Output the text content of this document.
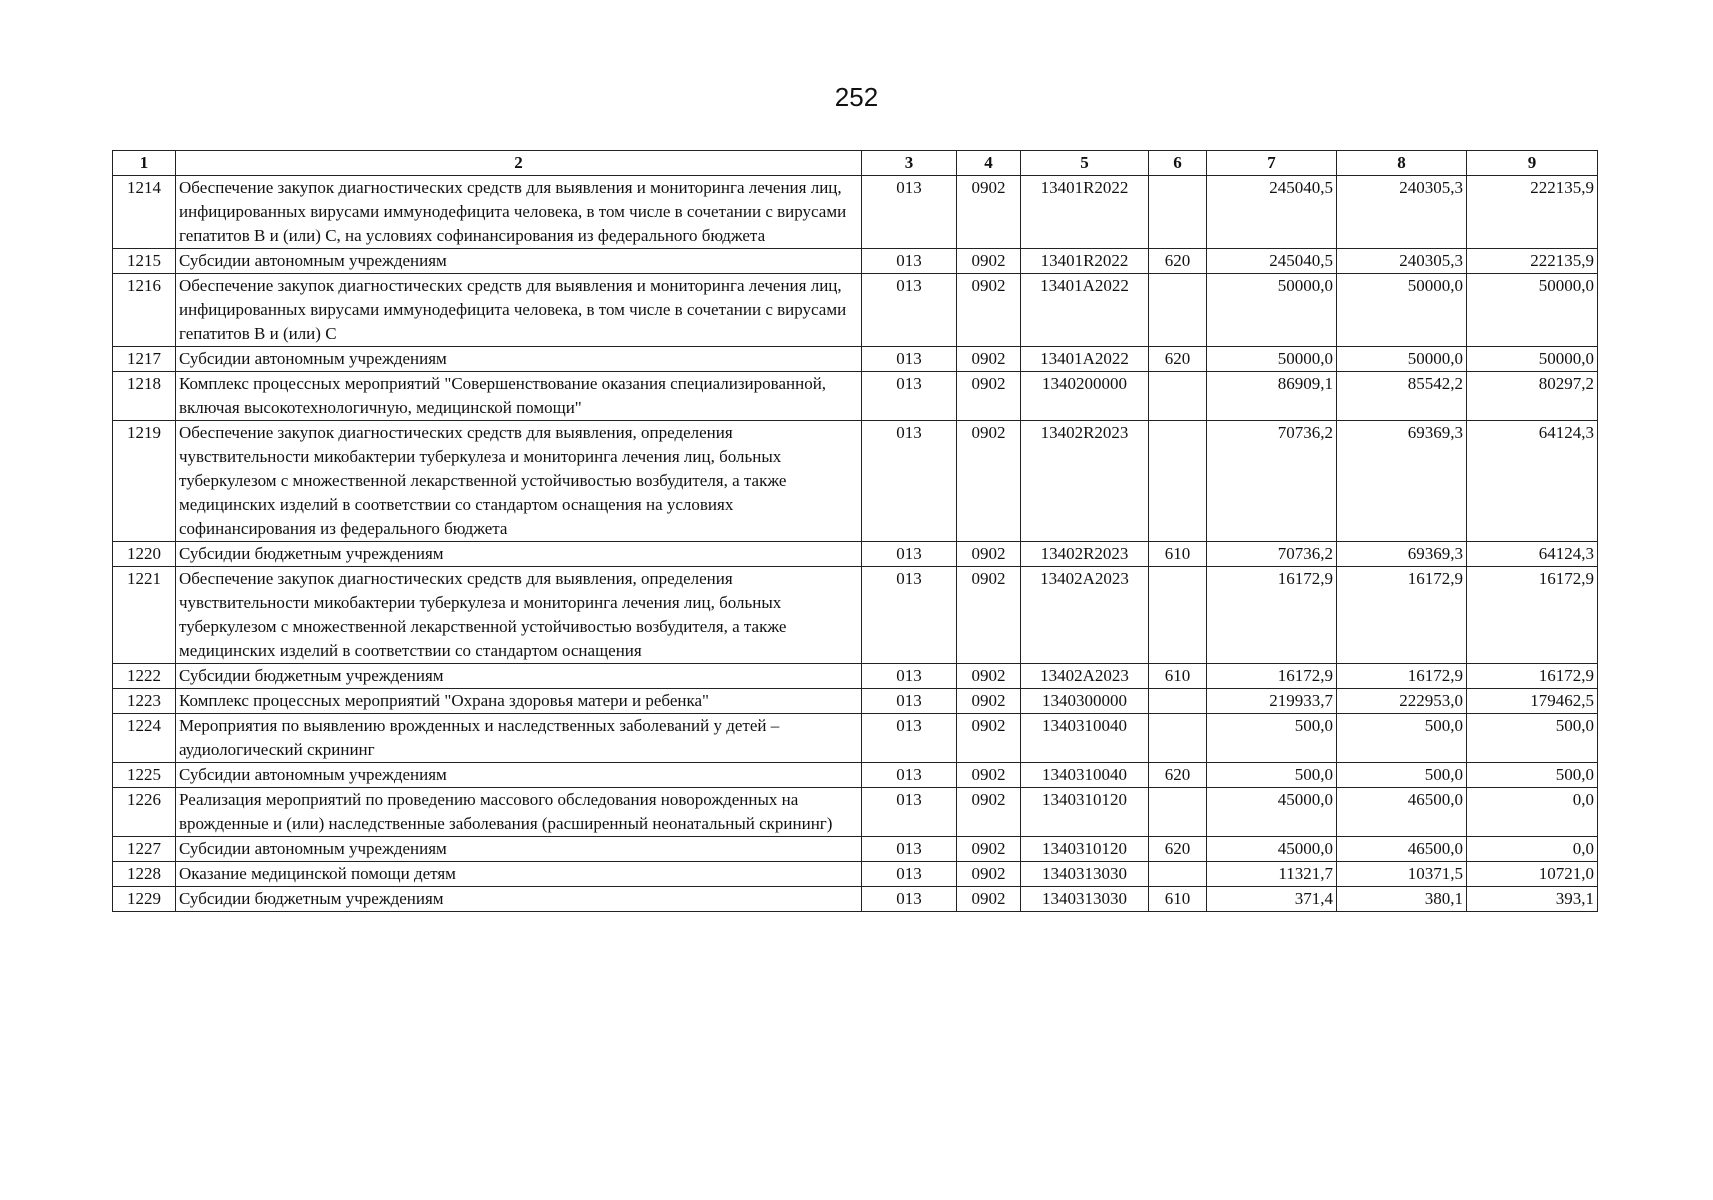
252
1	2	3	4	5	6	7	8	9
1214	Обеспечение закупок диагностических средств для выявления и мониторинга лечения лиц, инфицированных вирусами иммунодефицита человека, в том числе в сочетании с вирусами гепатитов B и (или) C, на условиях софинансирования из федерального бюджета	013	0902	13401R2022		245040,5	240305,3	222135,9
1215	Субсидии автономным учреждениям	013	0902	13401R2022	620	245040,5	240305,3	222135,9
1216	Обеспечение закупок диагностических средств для выявления и мониторинга лечения лиц, инфицированных вирусами иммунодефицита человека, в том числе в сочетании с вирусами гепатитов B и (или) C	013	0902	13401A2022		50000,0	50000,0	50000,0
1217	Субсидии автономным учреждениям	013	0902	13401A2022	620	50000,0	50000,0	50000,0
1218	Комплекс процессных мероприятий "Совершенствование оказания специализированной, включая высокотехнологичную, медицинской помощи"	013	0902	1340200000		86909,1	85542,2	80297,2
1219	Обеспечение закупок диагностических средств для выявления, определения чувствительности микобактерии туберкулеза и мониторинга лечения лиц, больных туберкулезом с множественной лекарственной устойчивостью возбудителя, а также медицинских изделий в соответствии со стандартом оснащения на условиях софинансирования из федерального бюджета	013	0902	13402R2023		70736,2	69369,3	64124,3
1220	Субсидии бюджетным учреждениям	013	0902	13402R2023	610	70736,2	69369,3	64124,3
1221	Обеспечение закупок диагностических средств для выявления, определения чувствительности микобактерии туберкулеза и мониторинга лечения лиц, больных туберкулезом с множественной лекарственной устойчивостью возбудителя, а также медицинских изделий в соответствии со стандартом оснащения	013	0902	13402A2023		16172,9	16172,9	16172,9
1222	Субсидии бюджетным учреждениям	013	0902	13402A2023	610	16172,9	16172,9	16172,9
1223	Комплекс процессных мероприятий "Охрана здоровья матери и ребенка"	013	0902	1340300000		219933,7	222953,0	179462,5
1224	Мероприятия по выявлению врожденных и наследственных заболеваний у детей – аудиологический скрининг	013	0902	1340310040		500,0	500,0	500,0
1225	Субсидии автономным учреждениям	013	0902	1340310040	620	500,0	500,0	500,0
1226	Реализация мероприятий по проведению массового обследования новорожденных на врожденные и (или) наследственные заболевания (расширенный неонатальный скрининг)	013	0902	1340310120		45000,0	46500,0	0,0
1227	Субсидии автономным учреждениям	013	0902	1340310120	620	45000,0	46500,0	0,0
1228	Оказание медицинской помощи детям	013	0902	1340313030		11321,7	10371,5	10721,0
1229	Субсидии бюджетным учреждениям	013	0902	1340313030	610	371,4	380,1	393,1
